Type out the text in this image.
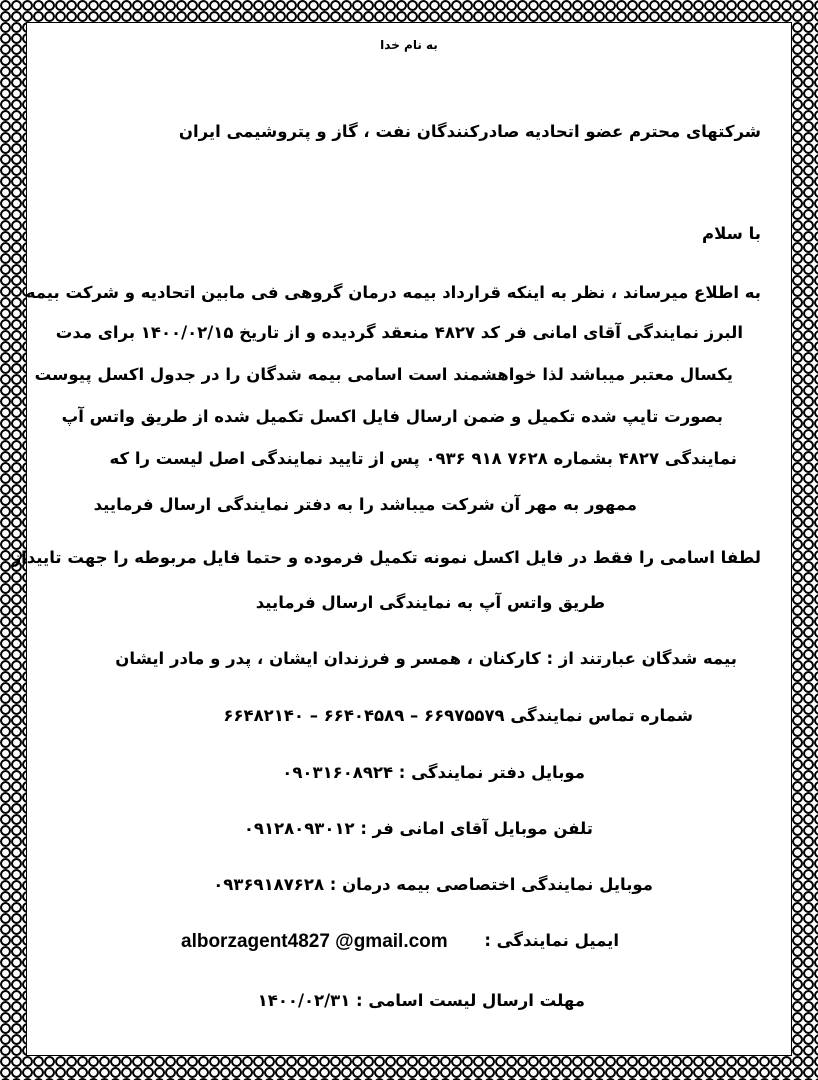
به نام خدا
شرکتهای محترم عضو اتحادیه صادرکنندگان نفت ، گاز و پتروشیمی ایران
با سلام
به اطلاع میرساند ، نظر به اینکه قرارداد بیمه درمان گروهی فی مابین اتحادیه و شرکت بیمه
البرز نمایندگی آقای امانی فر کد ۴۸۲۷ منعقد گردیده و از تاریخ ۱۴۰۰/۰۲/۱۵ برای مدت
یکسال معتبر میباشد لذا خواهشمند است اسامی بیمه شدگان را در جدول اکسل پیوست
بصورت تایپ شده تکمیل و ضمن ارسال فایل اکسل تکمیل شده از طریق واتس آپ
نمایندگی ۴۸۲۷ بشماره ۷۶۲۸ ۹۱۸ ۰۹۳۶ پس از تایید نمایندگی اصل لیست را که
ممهور به مهر آن شرکت میباشد را به دفتر نمایندگی ارسال فرمایید
لطفا اسامی را فقط در فایل اکسل نمونه تکمیل فرموده و حتما فایل مربوطه را جهت تاییداز
طریق واتس آپ به نمایندگی ارسال فرمایید
بیمه شدگان عبارتند از : کارکنان ، همسر و فرزندان ایشان ، پدر و مادر ایشان
شماره تماس نمایندگی ۶۶۹۷۵۵۷۹ – ۶۶۴۰۴۵۸۹ – ۶۶۴۸۲۱۴۰
موبایل دفتر نمایندگی : ۰۹۰۳۱۶۰۸۹۲۴
تلفن موبایل آقای امانی فر : ۰۹۱۲۸۰۹۳۰۱۲
موبایل نمایندگی اختصاصی بیمه درمان : ۰۹۳۶۹۱۸۷۶۲۸
ایمیل نمایندگی :
alborzagent4827 @gmail.com
مهلت ارسال لیست اسامی : ۱۴۰۰/۰۲/۳۱
